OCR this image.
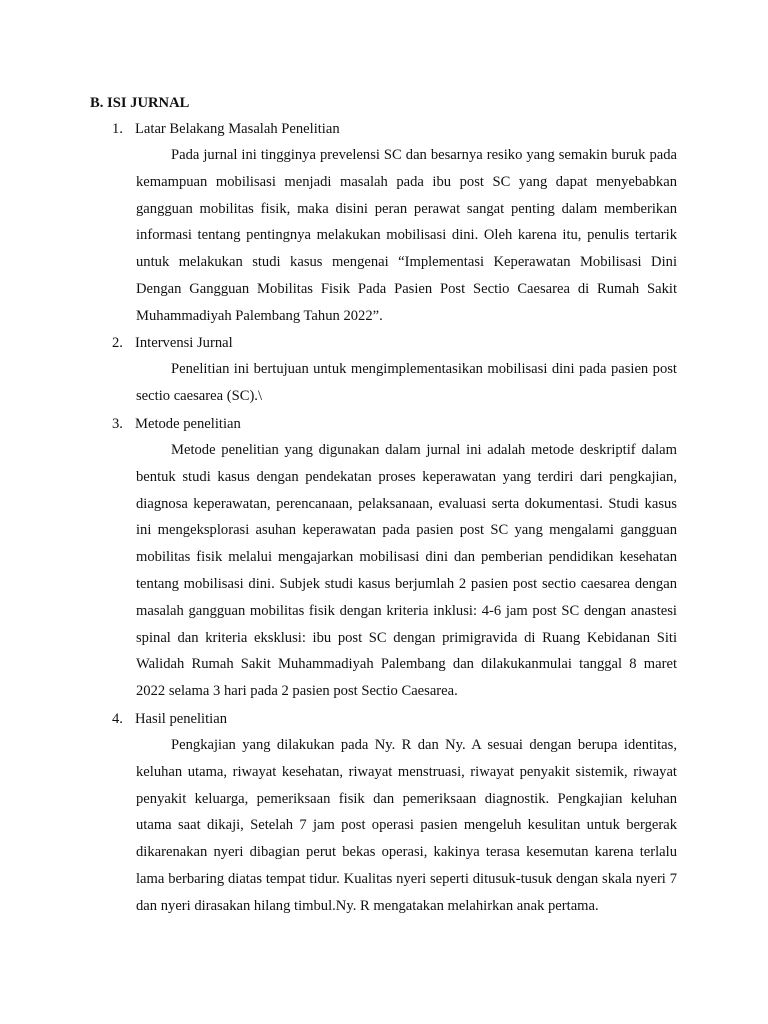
B. ISI JURNAL
1. Latar Belakang Masalah Penelitian

Pada jurnal ini tingginya prevelensi SC dan besarnya resiko yang semakin buruk pada kemampuan mobilisasi menjadi masalah pada ibu post SC yang dapat menyebabkan gangguan mobilitas fisik, maka disini peran perawat sangat penting dalam memberikan informasi tentang pentingnya melakukan mobilisasi dini. Oleh karena itu, penulis tertarik untuk melakukan studi kasus mengenai “Implementasi Keperawatan Mobilisasi Dini Dengan Gangguan Mobilitas Fisik Pada Pasien Post Sectio Caesarea di Rumah Sakit Muhammadiyah Palembang Tahun 2022”.

2. Intervensi Jurnal

Penelitian ini bertujuan untuk mengimplementasikan mobilisasi dini pada pasien post sectio caesarea (SC).\

3. Metode penelitian

Metode penelitian yang digunakan dalam jurnal ini adalah metode deskriptif dalam bentuk studi kasus dengan pendekatan proses keperawatan yang terdiri dari pengkajian, diagnosa keperawatan, perencanaan, pelaksanaan, evaluasi serta dokumentasi. Studi kasus ini mengeksplorasi asuhan keperawatan pada pasien post SC yang mengalami gangguan mobilitas fisik melalui mengajarkan mobilisasi dini dan pemberian pendidikan kesehatan tentang mobilisasi dini. Subjek studi kasus berjumlah 2 pasien post sectio caesarea dengan masalah gangguan mobilitas fisik dengan kriteria inklusi: 4-6 jam post SC dengan anastesi spinal dan kriteria eksklusi: ibu post SC dengan primigravida di Ruang Kebidanan Siti Walidah Rumah Sakit Muhammadiyah Palembang dan dilakukanmulai tanggal 8 maret 2022 selama 3 hari pada 2 pasien post Sectio Caesarea.

4. Hasil penelitian

Pengkajian yang dilakukan pada Ny. R dan Ny. A sesuai dengan berupa identitas, keluhan utama, riwayat kesehatan, riwayat menstruasi, riwayat penyakit sistemik, riwayat penyakit keluarga, pemeriksaan fisik dan pemeriksaan diagnostik. Pengkajian keluhan utama saat dikaji, Setelah 7 jam post operasi pasien mengeluh kesulitan untuk bergerak dikarenakan nyeri dibagian perut bekas operasi, kakinya terasa kesemutan karena terlalu lama berbaring diatas tempat tidur. Kualitas nyeri seperti ditusuk-tusuk dengan skala nyeri 7 dan nyeri dirasakan hilang timbul.Ny. R mengatakan melahirkan anak pertama.
